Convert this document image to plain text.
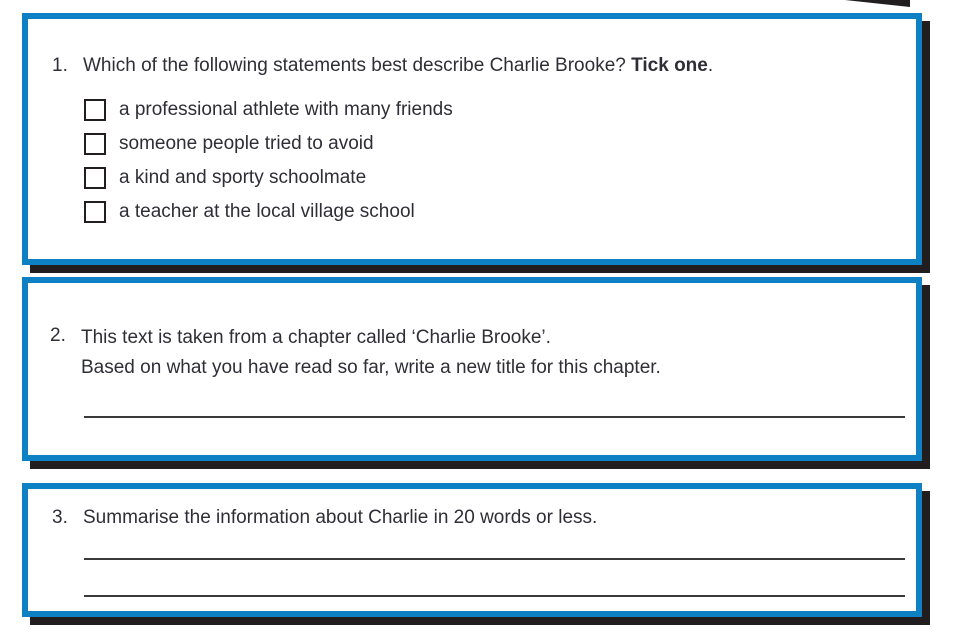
1. Which of the following statements best describe Charlie Brooke? Tick one.

a professional athlete with many friends
someone people tried to avoid
a kind and sporty schoolmate
a teacher at the local village school
2. This text is taken from a chapter called ‘Charlie Brooke’.
Based on what you have read so far, write a new title for this chapter.
3. Summarise the information about Charlie in 20 words or less.
